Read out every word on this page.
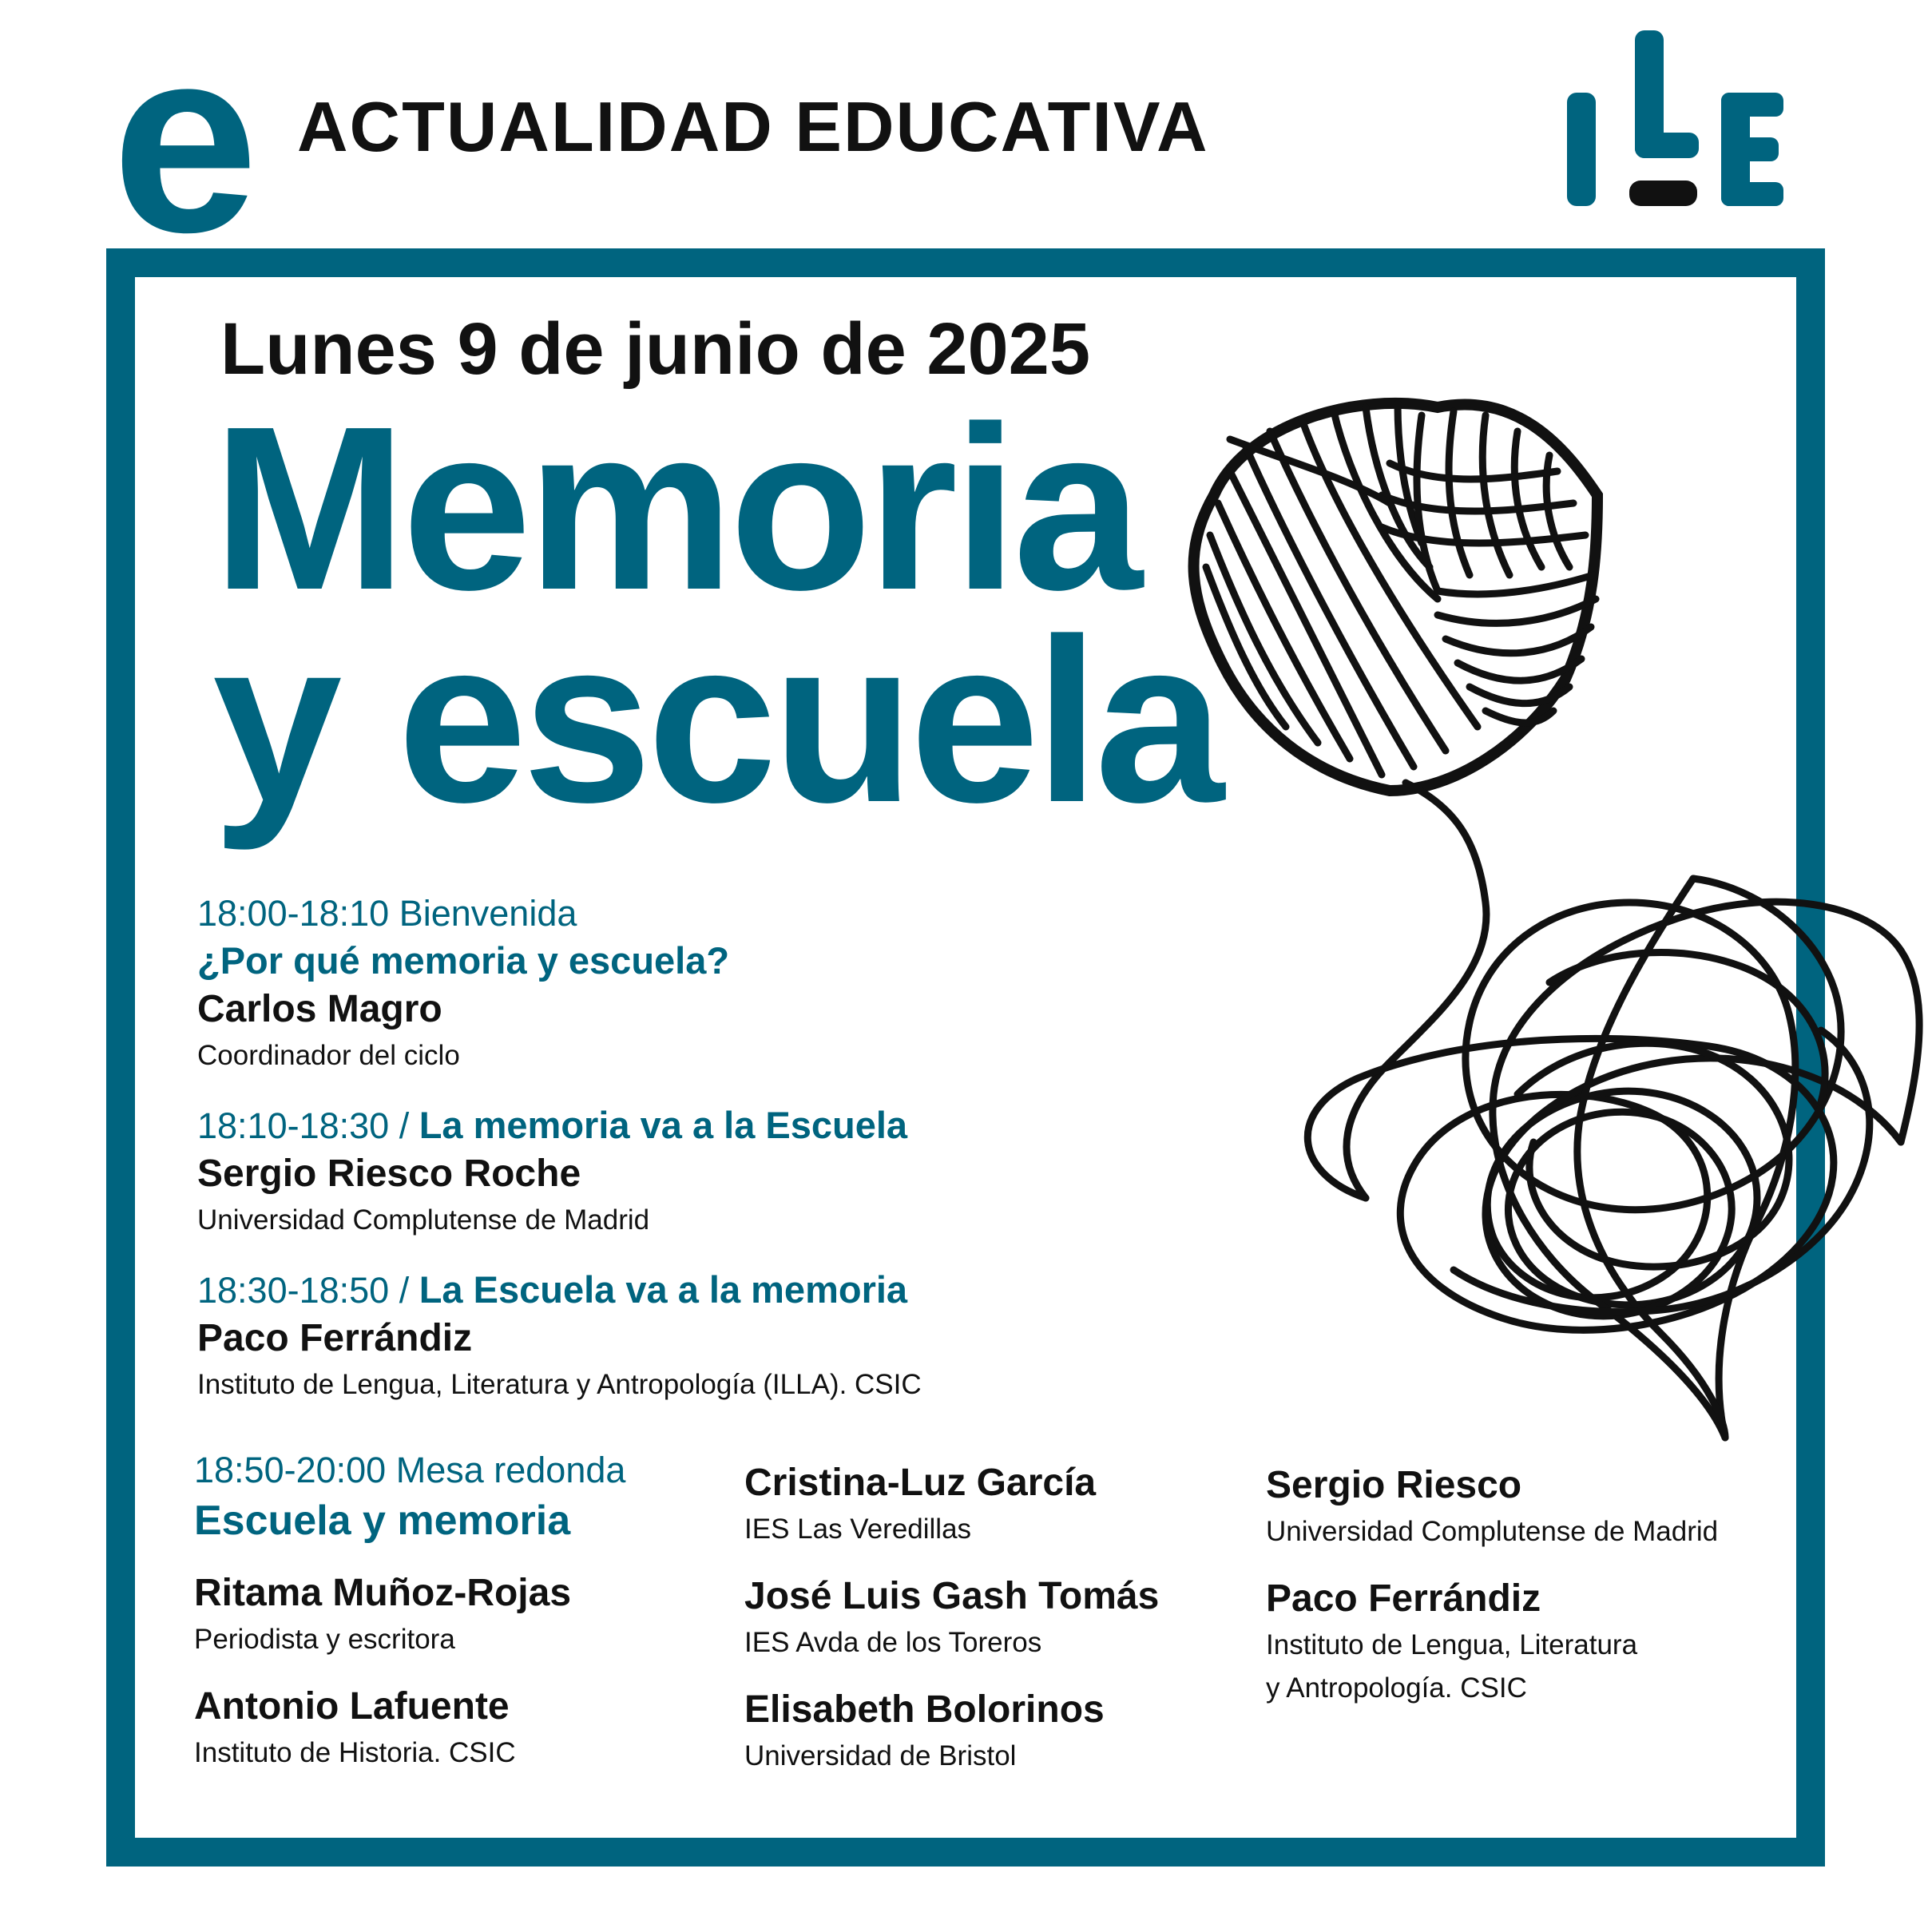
e ACTUALIDAD EDUCATIVA
Lunes 9 de junio de 2025
Memoria
y escuela
18:00-18:10 Bienvenida
¿Por qué memoria y escuela?
Carlos Magro
Coordinador del ciclo
18:10-18:30 / La memoria va a la Escuela
Sergio Riesco Roche
Universidad Complutense de Madrid
18:30-18:50 / La Escuela va a la memoria
Paco Ferrándiz
Instituto de Lengua, Literatura y Antropología (ILLA). CSIC
18:50-20:00 Mesa redonda
Escuela y memoria
Ritama Muñoz-Rojas
Periodista y escritora
Antonio Lafuente
Instituto de Historia. CSIC
Cristina-Luz García
IES Las Veredillas
José Luis Gash Tomás
IES Avda de los Toreros
Elisabeth Bolorinos
Universidad de Bristol
Sergio Riesco
Universidad Complutense de Madrid
Paco Ferrándiz
Instituto de Lengua, Literatura
y Antropología. CSIC
